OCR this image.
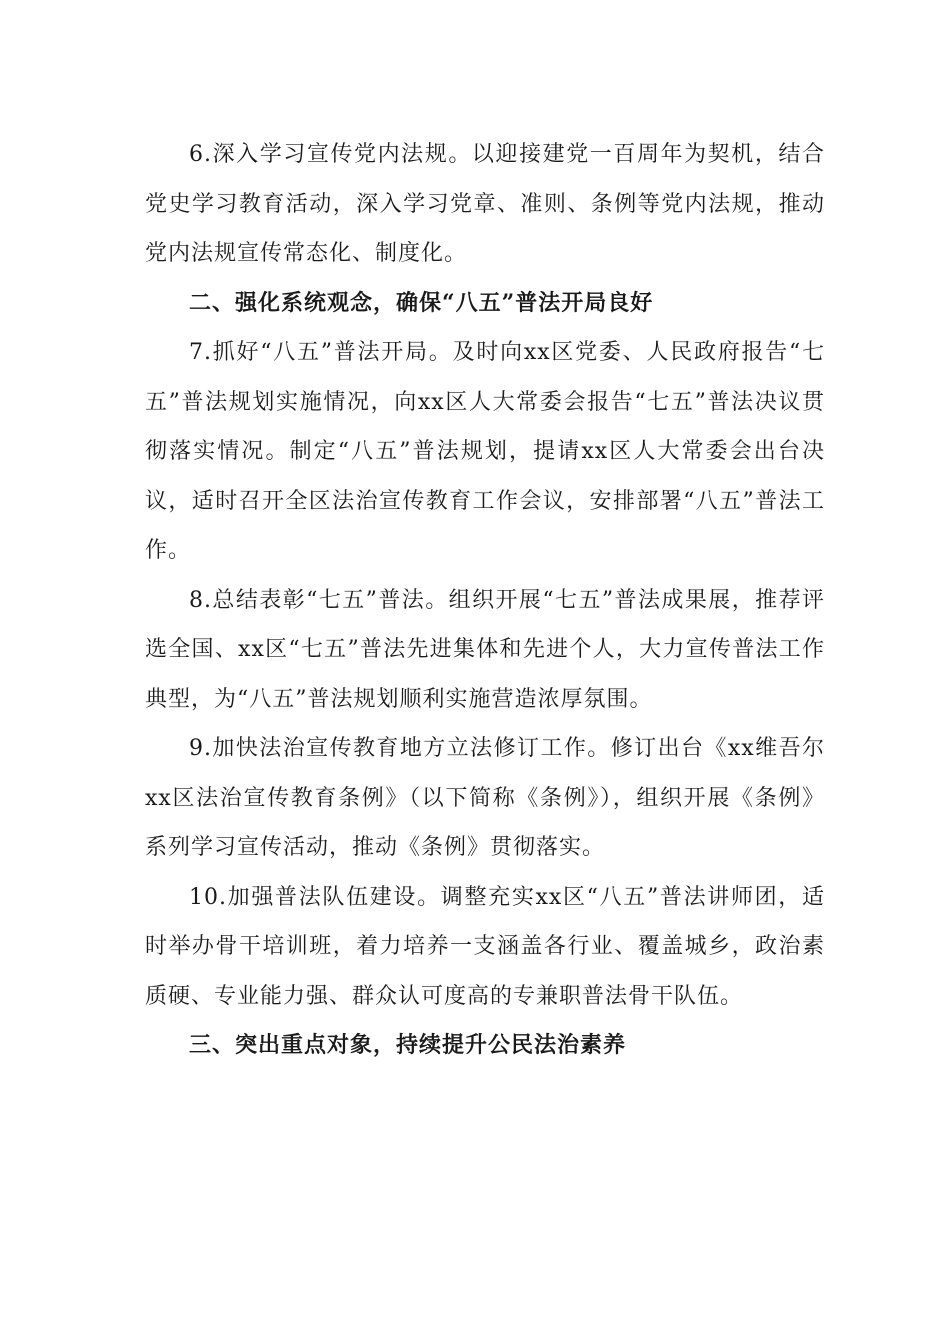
6.深入学习宣传党内法规。以迎接建党一百周年为契机，结合党史学习教育活动，深入学习党章、准则、条例等党内法规，推动党内法规宣传常态化、制度化。

二、强化系统观念，确保“八五”普法开局良好

7.抓好“八五”普法开局。及时向xx区党委、人民政府报告“七五”普法规划实施情况，向xx区人大常委会报告“七五”普法决议贯彻落实情况。制定“八五”普法规划，提请xx区人大常委会出台决议，适时召开全区法治宣传教育工作会议，安排部署“八五”普法工作。

8.总结表彰“七五”普法。组织开展“七五”普法成果展，推荐评选全国、xx区“七五”普法先进集体和先进个人，大力宣传普法工作典型，为“八五”普法规划顺利实施营造浓厚氛围。

9.加快法治宣传教育地方立法修订工作。修订出台《xx维吾尔xx区法治宣传教育条例》（以下简称《条例》），组织开展《条例》系列学习宣传活动，推动《条例》贯彻落实。

10.加强普法队伍建设。调整充实xx区“八五”普法讲师团，适时举办骨干培训班，着力培养一支涵盖各行业、覆盖城乡，政治素质硬、专业能力强、群众认可度高的专兼职普法骨干队伍。

三、突出重点对象，持续提升公民法治素养
